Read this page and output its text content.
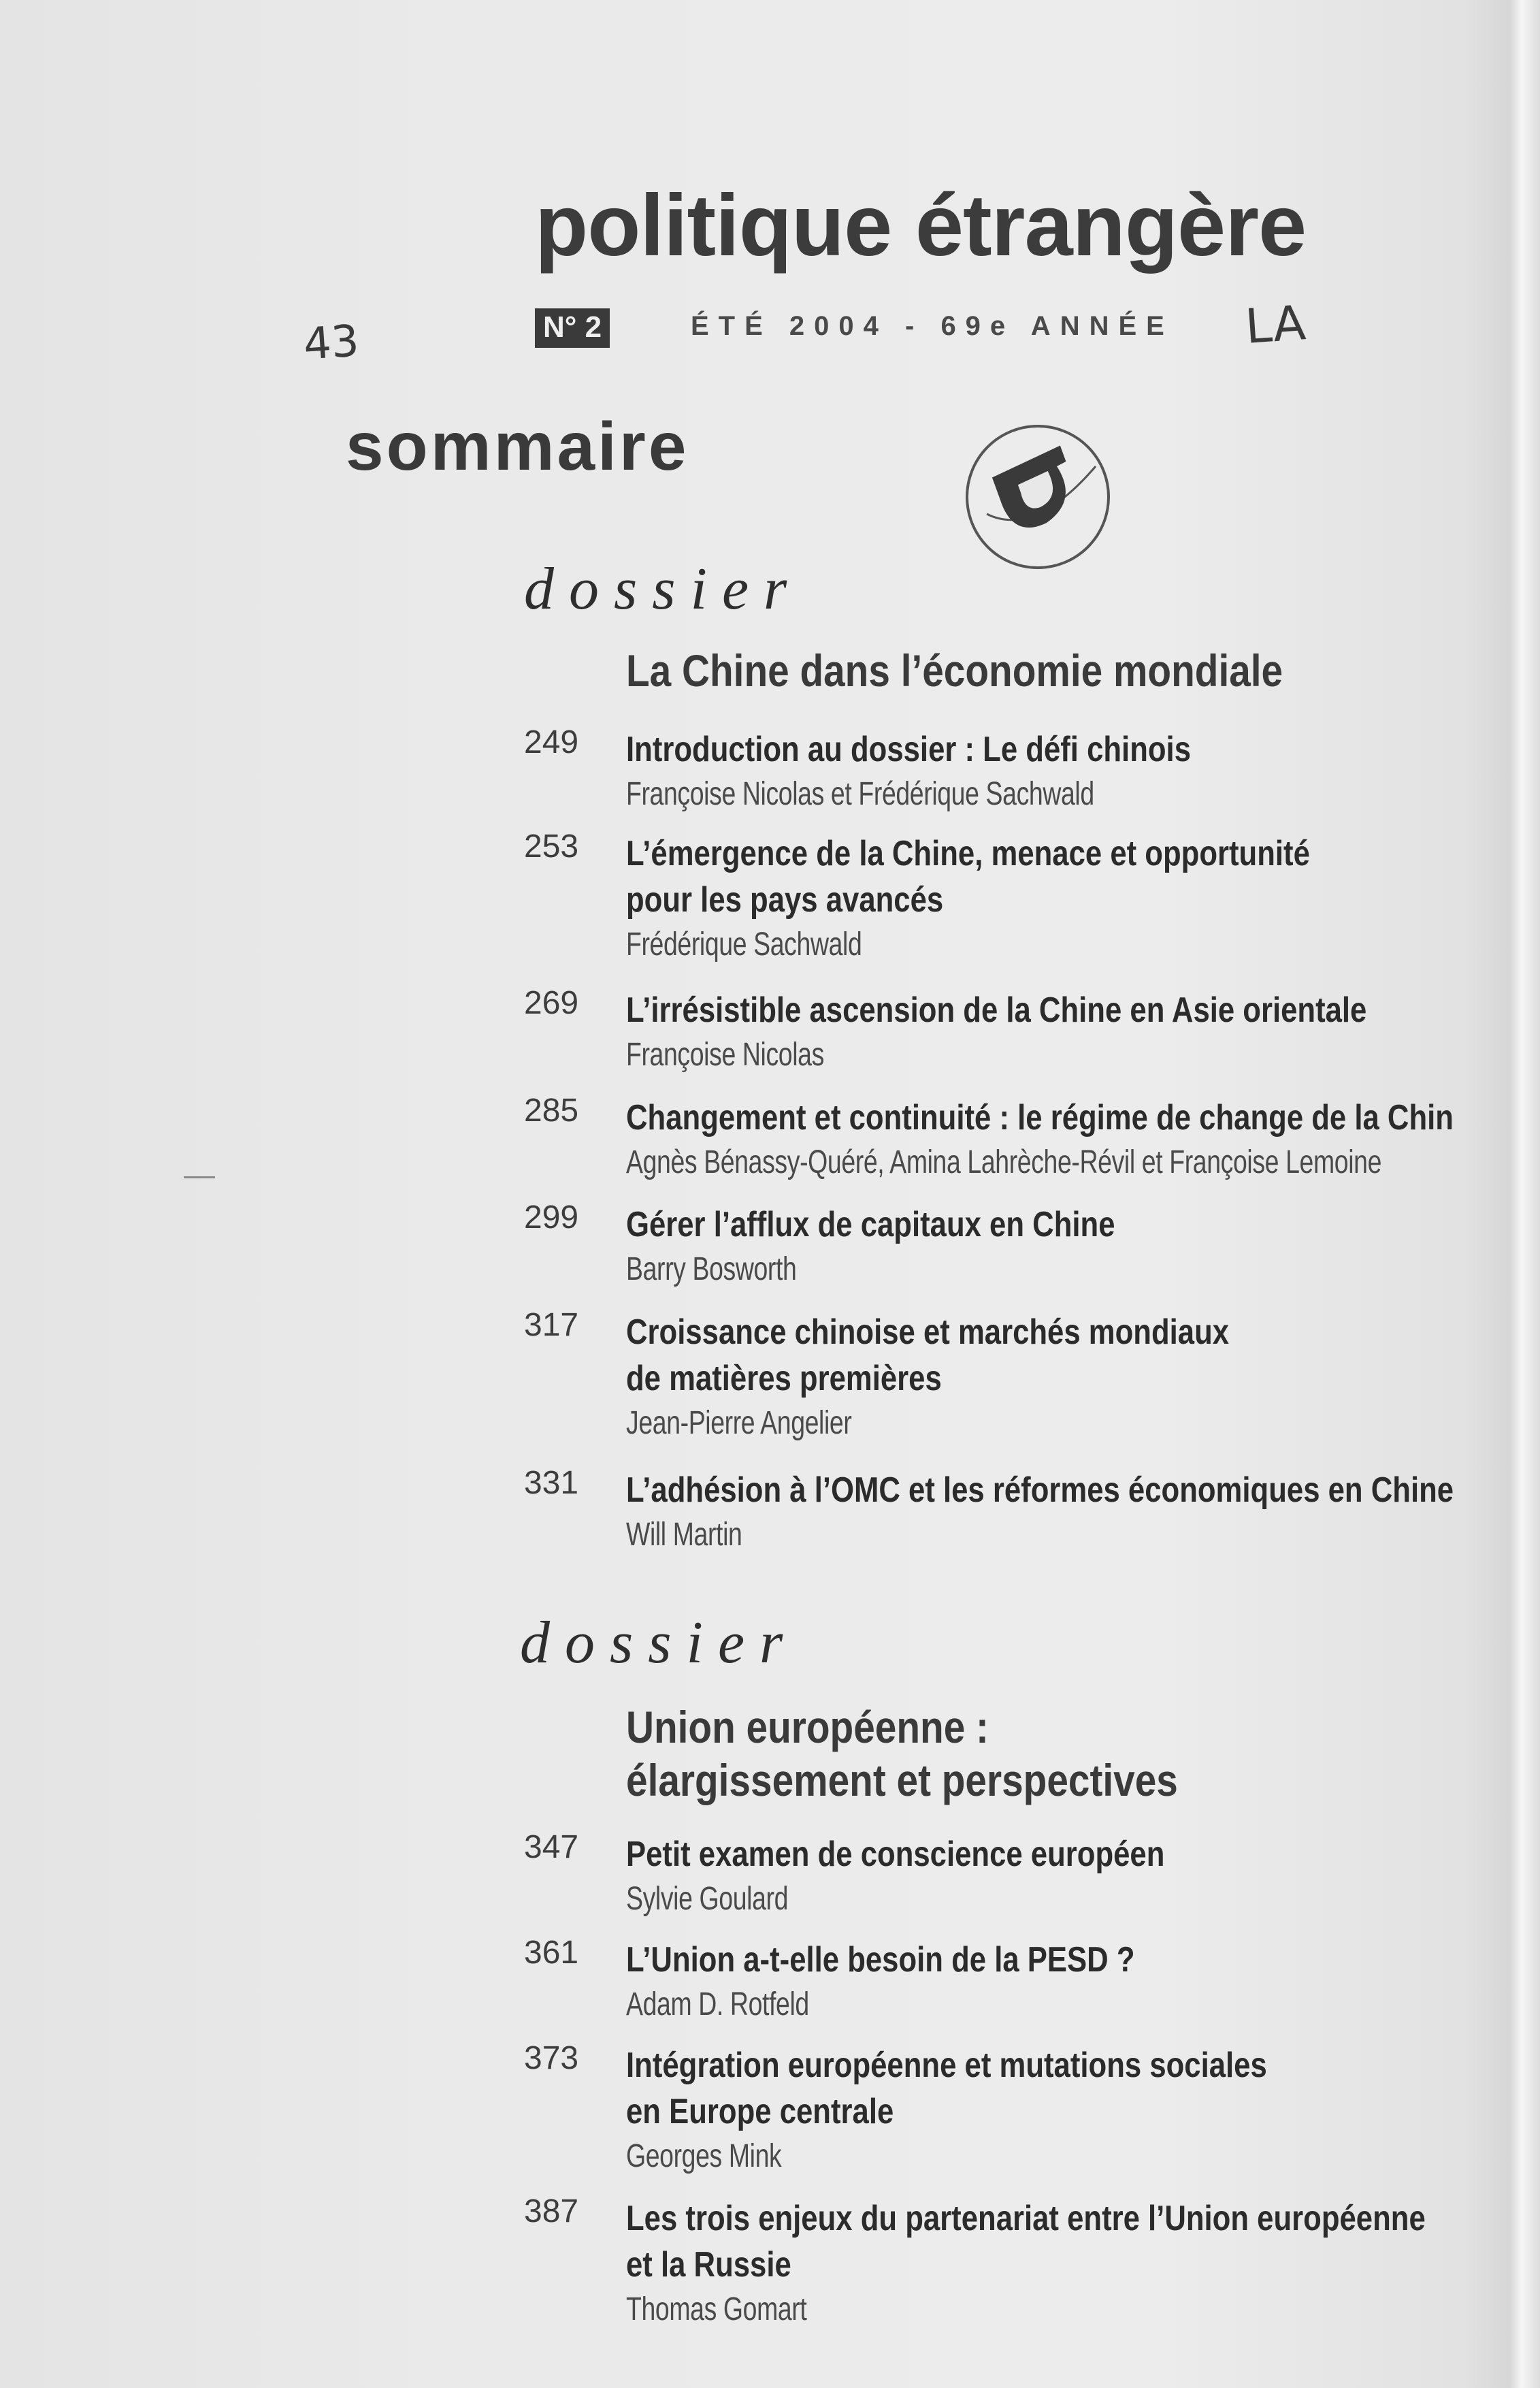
politique étrangère
N° 2	ÉTÉ 2004 - 69e ANNÉE
43	LA
sommaire
dossier
La Chine dans l’économie mondiale
249 Introduction au dossier : Le défi chinois
Françoise Nicolas et Frédérique Sachwald
253 L’émergence de la Chine, menace et opportunité
pour les pays avancés
Frédérique Sachwald
269 L’irrésistible ascension de la Chine en Asie orientale
Françoise Nicolas
285 Changement et continuité : le régime de change de la Chin
Agnès Bénassy-Quéré, Amina Lahrèche-Révil et Françoise Lemoine
299 Gérer l’afflux de capitaux en Chine
Barry Bosworth
317 Croissance chinoise et marchés mondiaux
de matières premières
Jean-Pierre Angelier
331 L’adhésion à l’OMC et les réformes économiques en Chine
Will Martin
dossier
Union européenne :
élargissement et perspectives
347 Petit examen de conscience européen
Sylvie Goulard
361 L’Union a-t-elle besoin de la PESD ?
Adam D. Rotfeld
373 Intégration européenne et mutations sociales
en Europe centrale
Georges Mink
387 Les trois enjeux du partenariat entre l’Union européenne
et la Russie
Thomas Gomart
